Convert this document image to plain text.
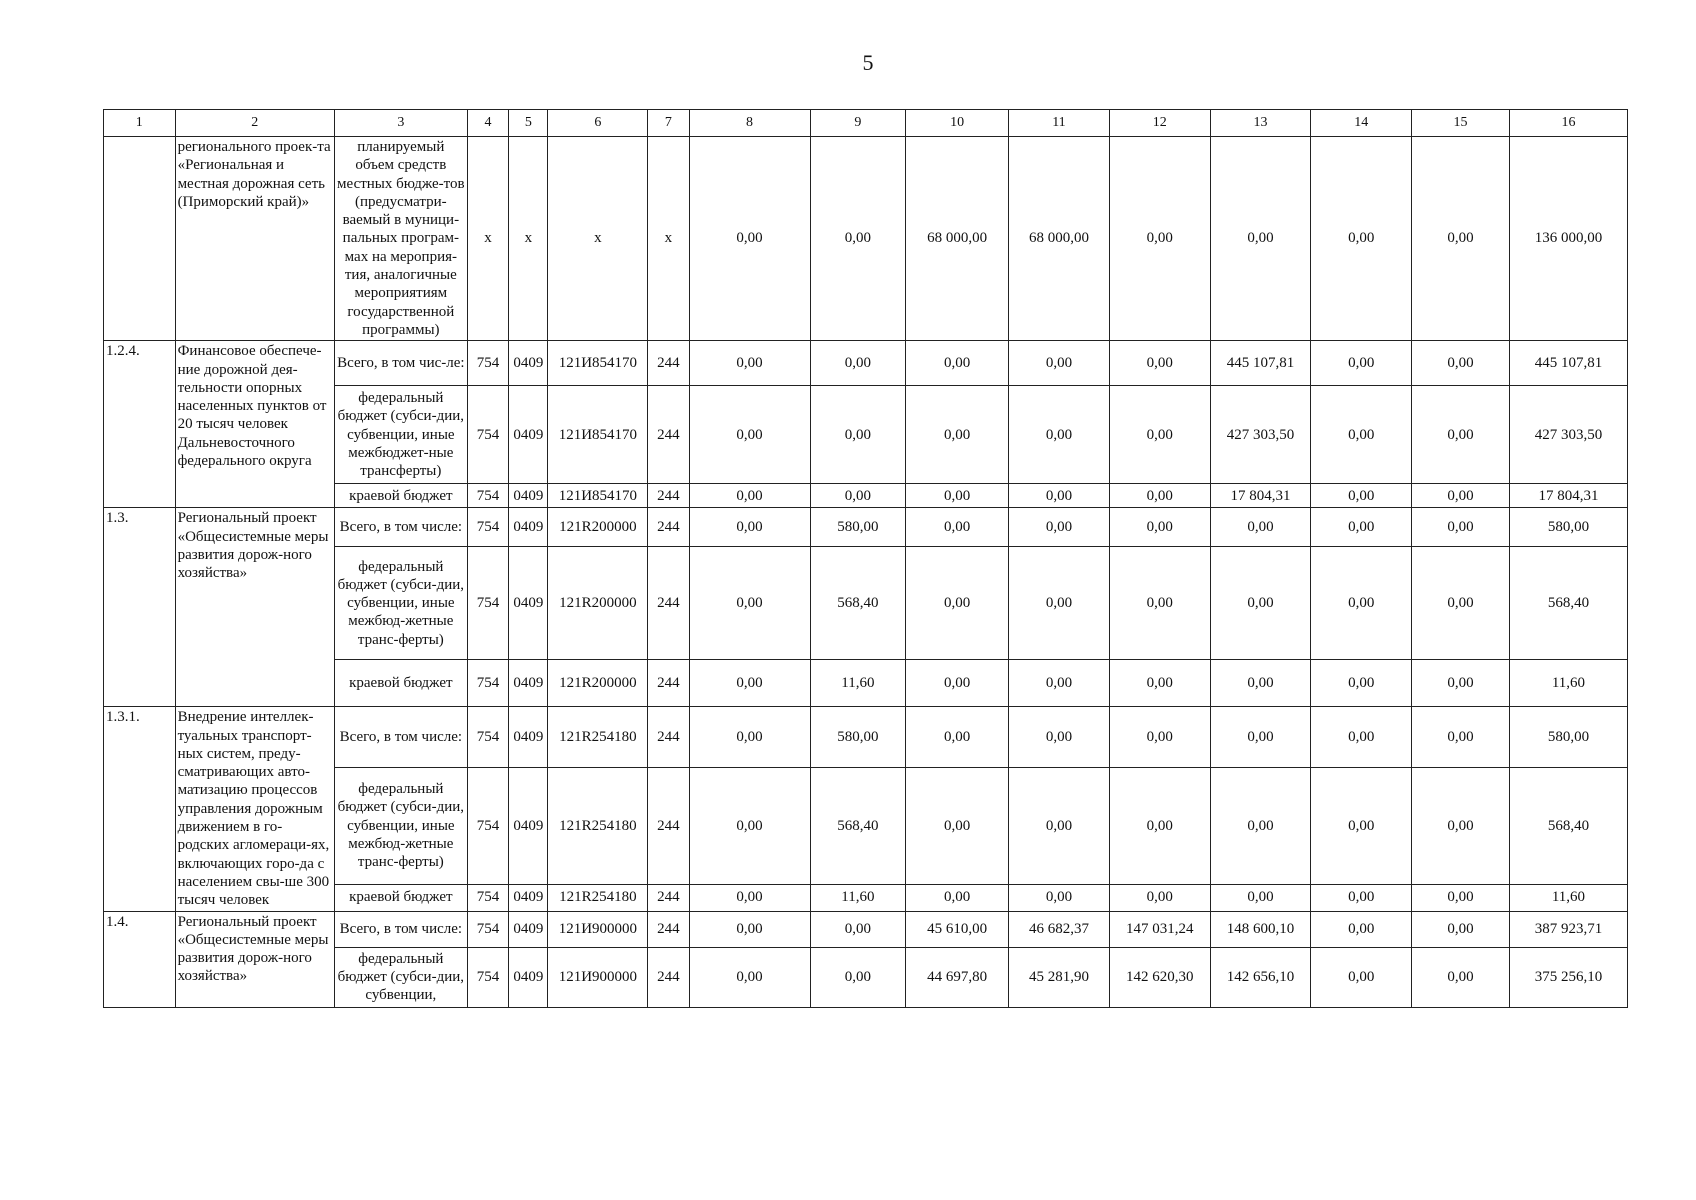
5
1	2	3	4	5	6	7	8	9	10	11	12	13	14	15	16
	регионального проек-та «Региональная и местная дорожная сеть (Приморский край)»	планируемый объем средств местных бюдже-тов (предусматри-ваемый в муници-пальных програм-мах на мероприя-тия, аналогичные мероприятиям государственной программы)	x	x	x	x	0,00	0,00	68 000,00	68 000,00	0,00	0,00	0,00	0,00	136 000,00
1.2.4.	Финансовое обеспече-ние дорожной дея-тельности опорных населенных пунктов от 20 тысяч человек Дальневосточного федерального округа	Всего, в том чис-ле:	754	0409	121И854170	244	0,00	0,00	0,00	0,00	0,00	445 107,81	0,00	0,00	445 107,81
		федеральный бюджет (субси-дии, субвенции, иные межбюджет-ные трансферты)	754	0409	121И854170	244	0,00	0,00	0,00	0,00	0,00	427 303,50	0,00	0,00	427 303,50
		краевой бюджет	754	0409	121И854170	244	0,00	0,00	0,00	0,00	0,00	17 804,31	0,00	0,00	17 804,31
1.3.	Региональный проект «Общесистемные меры развития дорож-ного хозяйства»	Всего, в том числе:	754	0409	121R200000	244	0,00	580,00	0,00	0,00	0,00	0,00	0,00	0,00	580,00
		федеральный бюджет (субси-дии, субвенции, иные межбюд-жетные транс-ферты)	754	0409	121R200000	244	0,00	568,40	0,00	0,00	0,00	0,00	0,00	0,00	568,40
		краевой бюджет	754	0409	121R200000	244	0,00	11,60	0,00	0,00	0,00	0,00	0,00	0,00	11,60
1.3.1.	Внедрение интеллек-туальных транспорт-ных систем, преду-сматривающих авто-матизацию процессов управления дорожным движением в го-родских агломераци-ях, включающих горо-да с населением свы-ше 300 тысяч человек	Всего, в том числе:	754	0409	121R254180	244	0,00	580,00	0,00	0,00	0,00	0,00	0,00	0,00	580,00
		федеральный бюджет (субси-дии, субвенции, иные межбюд-жетные транс-ферты)	754	0409	121R254180	244	0,00	568,40	0,00	0,00	0,00	0,00	0,00	0,00	568,40
		краевой бюджет	754	0409	121R254180	244	0,00	11,60	0,00	0,00	0,00	0,00	0,00	0,00	11,60
1.4.	Региональный проект «Общесистемные меры развития дорож-ного хозяйства»	Всего, в том числе:	754	0409	121И900000	244	0,00	0,00	45 610,00	46 682,37	147 031,24	148 600,10	0,00	0,00	387 923,71
		федеральный бюджет (субси-дии, субвенции,	754	0409	121И900000	244	0,00	0,00	44 697,80	45 281,90	142 620,30	142 656,10	0,00	0,00	375 256,10
